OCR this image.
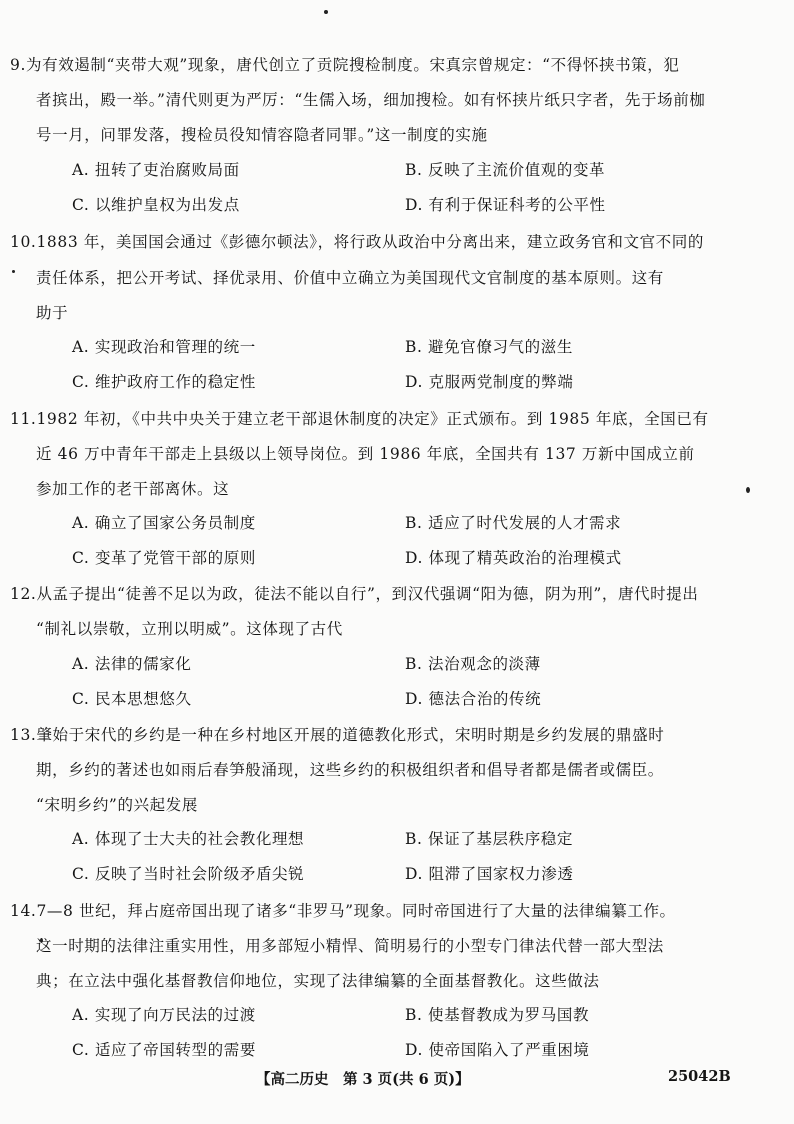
9.为有效遏制“夹带大观”现象，唐代创立了贡院搜检制度。宋真宗曾规定：“不得怀挟书策，犯
者摈出，殿一举。”清代则更为严厉：“生儒入场，细加搜检。如有怀挟片纸只字者，先于场前枷
号一月，问罪发落，搜检员役知情容隐者同罪。”这一制度的实施
A. 扭转了吏治腐败局面	B. 反映了主流价值观的变革
C. 以维护皇权为出发点	D. 有利于保证科考的公平性
10.1883 年，美国国会通过《彭德尔顿法》，将行政从政治中分离出来，建立政务官和文官不同的
责任体系，把公开考试、择优录用、价值中立确立为美国现代文官制度的基本原则。这有
助于
A. 实现政治和管理的统一	B. 避免官僚习气的滋生
C. 维护政府工作的稳定性	D. 克服两党制度的弊端
11.1982 年初，《中共中央关于建立老干部退休制度的决定》正式颁布。到 1985 年底，全国已有
近 46 万中青年干部走上县级以上领导岗位。到 1986 年底，全国共有 137 万新中国成立前
参加工作的老干部离休。这
A. 确立了国家公务员制度	B. 适应了时代发展的人才需求
C. 变革了党管干部的原则	D. 体现了精英政治的治理模式
12.从孟子提出“徒善不足以为政，徒法不能以自行”，到汉代强调“阳为德，阴为刑”，唐代时提出
“制礼以崇敬，立刑以明威”。这体现了古代
A. 法律的儒家化	B. 法治观念的淡薄
C. 民本思想悠久	D. 德法合治的传统
13.肇始于宋代的乡约是一种在乡村地区开展的道德教化形式，宋明时期是乡约发展的鼎盛时
期，乡约的著述也如雨后春笋般涌现，这些乡约的积极组织者和倡导者都是儒者或儒臣。
“宋明乡约”的兴起发展
A. 体现了士大夫的社会教化理想	B. 保证了基层秩序稳定
C. 反映了当时社会阶级矛盾尖锐	D. 阻滞了国家权力渗透
14.7—8 世纪，拜占庭帝国出现了诸多“非罗马”现象。同时帝国进行了大量的法律编纂工作。
这一时期的法律注重实用性，用多部短小精悍、简明易行的小型专门律法代替一部大型法
典；在立法中强化基督教信仰地位，实现了法律编纂的全面基督教化。这些做法
A. 实现了向万民法的过渡	B. 使基督教成为罗马国教
C. 适应了帝国转型的需要	D. 使帝国陷入了严重困境
【高二历史　第 3 页(共 6 页)】	25042B
